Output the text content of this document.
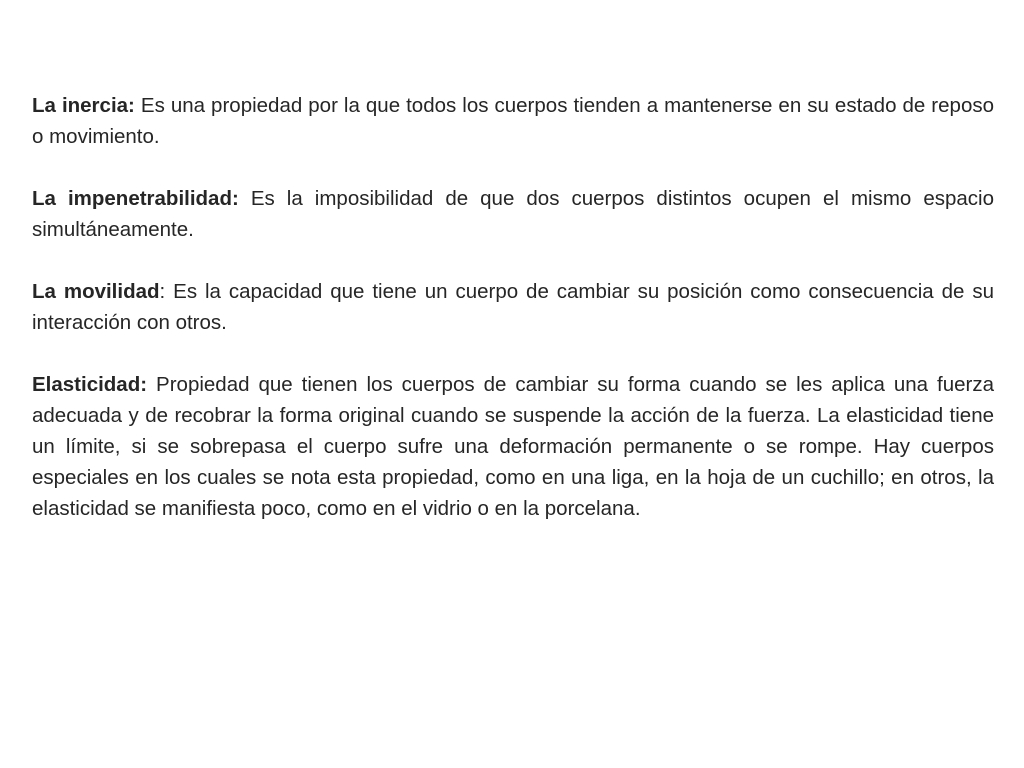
La inercia: Es una propiedad por la que todos los cuerpos tienden a mantenerse en su estado de reposo o movimiento.

La impenetrabilidad: Es la imposibilidad de que dos cuerpos distintos ocupen el mismo espacio simultáneamente.

La movilidad: Es la capacidad que tiene un cuerpo de cambiar su posición como consecuencia de su interacción con otros.

Elasticidad: Propiedad que tienen los cuerpos de cambiar su forma cuando se les aplica una fuerza adecuada y de recobrar la forma original cuando se suspende la acción de la fuerza. La elasticidad tiene un límite, si se sobrepasa el cuerpo sufre una deformación permanente o se rompe. Hay cuerpos especiales en los cuales se nota esta propiedad, como en una liga, en la hoja de un cuchillo; en otros, la elasticidad se manifiesta poco, como en el vidrio o en la porcelana.
